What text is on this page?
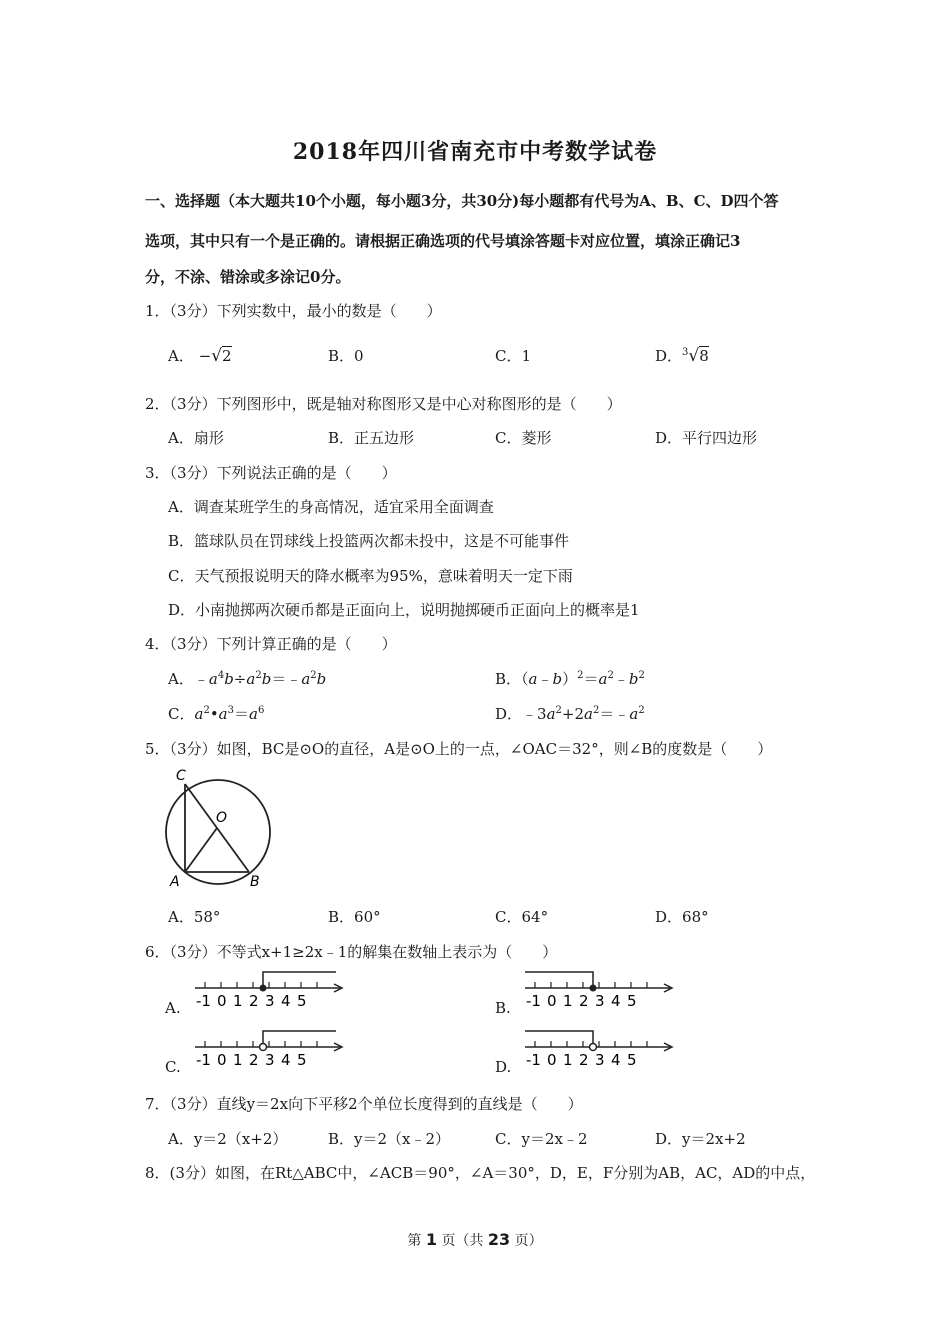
2018年四川省南充市中考数学试卷
一、选择题（本大题共10个小题，每小题3分，共30分)每小题都有代号为A、B、C、D四个答
选项，其中只有一个是正确的。请根据正确选项的代号填涂答题卡对应位置，填涂正确记3
分，不涂、错涂或多涂记0分。
1．（3分）下列实数中，最小的数是（　　）
A． −√2	B．0	C．1	D．$^3$√8
2．（3分）下列图形中，既是轴对称图形又是中心对称图形的是（　　）
A．扇形	B．正五边形	C．菱形	D．平行四边形
3．（3分）下列说法正确的是（　　）
A．调查某班学生的身高情况，适宜采用全面调查
B．篮球队员在罚球线上投篮两次都未投中，这是不可能事件
C．天气预报说明天的降水概率为95%，意味着明天一定下雨
D．小南抛掷两次硬币都是正面向上，说明抛掷硬币正面向上的概率是1
4．（3分）下列计算正确的是（　　）
A．$﹣a^4b\div a^2b=﹣a^2b$	B．$(a﹣b)^2=a^2﹣b^2$
C．$a^2•a^3=a^6$	D．$﹣3a^2+2a^2=﹣a^2$
5．（3分）如图，BC是⊙O的直径，A是⊙O上的一点，∠OAC＝32°，则∠B的度数是（　　）
C
O
A	B
A．58°	B．60°	C．64°	D．68°
6．（3分）不等式x+1≥2x﹣1的解集在数轴上表示为（　　）
A. -1 0 1 2 3 4 5	B. -1 0 1 2 3 4 5
C. -1 0 1 2 3 4 5	D. -1 0 1 2 3 4 5
7．（3分）直线y＝2x向下平移2个单位长度得到的直线是（　　）
A．y＝2（x+2）	B．y＝2（x﹣2）	C．y＝2x﹣2	D．y＝2x+2
8．(3分）如图，在Rt△ABC中，∠ACB＝90°，∠A＝30°，D，E，F分别为AB，AC，AD的中点，
第 1 页（共 23 页）
